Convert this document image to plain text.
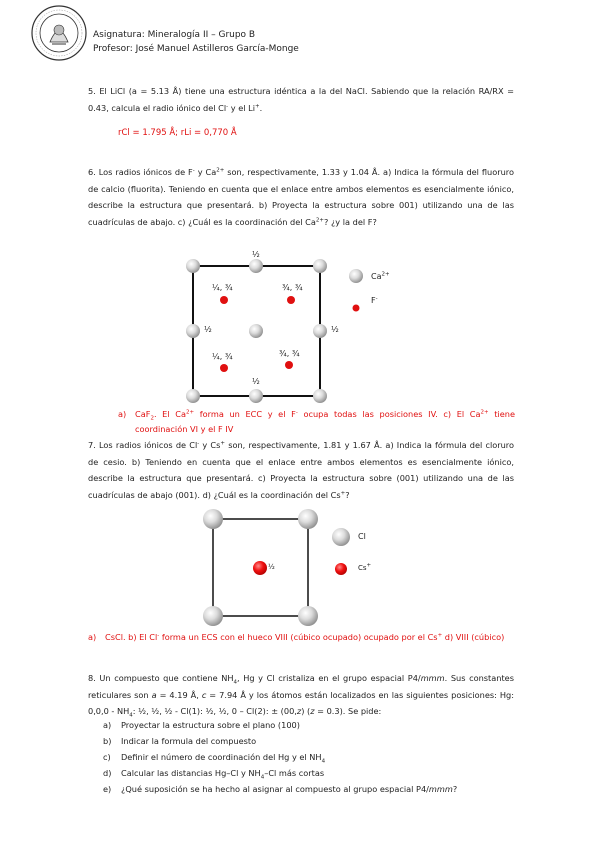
Asignatura: Mineralogía II – Grupo B
Profesor: José Manuel Astilleros García-Monge
5. El LiCl (a = 5.13 Å) tiene una estructura idéntica a la del NaCl. Sabiendo que la relación RA/RX = 0.43, calcula el radio iónico del Cl- y el Li+.
rCl = 1.795 Å; rLi = 0,770 Å
6. Los radios iónicos de F- y $Ca^{2+}$ son, respectivamente, 1.33 y 1.04 Å. a) Indica la fórmula del fluoruro de calcio (fluorita). Teniendo en cuenta que el enlace entre ambos elementos es esencialmente iónico, describe la estructura que presentará. b) Proyecta la estructura sobre 001) utilizando una de las cuadrículas de abajo. c) ¿Cuál es la coordinación del $Ca^{2+}$? ¿y la del F?
½
½	½
½
¼, ¾	¾, ¾
¼, ¾	¾, ¾
$Ca^{2+}$
F-
a) CaF$_2$. El $Ca^{2+}$ forma un ECC y el F- ocupa todas las posiciones IV. c) El $Ca^{2+}$ tiene coordinación VI y el F IV
7. Los radios iónicos de Cl- y Cs+ son, respectivamente, 1.81 y 1.67 Å. a) Indica la fórmula del cloruro de cesio. b) Teniendo en cuenta que el enlace entre ambos elementos es esencialmente iónico, describe la estructura que presentará. c) Proyecta la estructura sobre (001) utilizando una de las cuadrículas de abajo (001). d) ¿Cuál es la coordinación del Cs+?
½
Cl
Cs+
a) CsCl. b) El Cl- forma un ECS con el hueco VIII (cúbico ocupado) ocupado por el Cs+ d) VIII (cúbico)
8. Un compuesto que contiene $NH_4$, Hg y Cl cristaliza en el grupo espacial P4/mmm. Sus constantes reticulares son a = 4.19 Å, c = 7.94 Å y los átomos están localizados en las siguientes posiciones: Hg: $0,0,0 - NH_4$: ½, ½, ½ - Cl(1): ½, ½, 0 – Cl(2): ± (00,z) (z = 0.3). Se pide:
a) Proyectar la estructura sobre el plano (100)
b) Indicar la formula del compuesto
c) Definir el número de coordinación del Hg y el $NH_4$
d) Calcular las distancias Hg–Cl y $NH_4-Cl$ más cortas
e) ¿Qué suposición se ha hecho al asignar al compuesto al grupo espacial P4/mmm?
